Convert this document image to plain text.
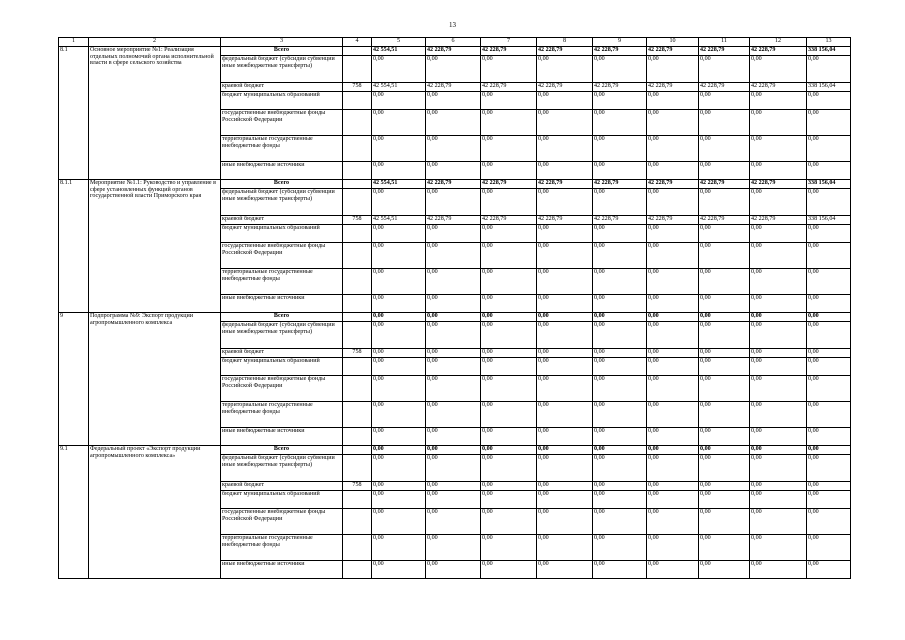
13
1	2	3	4	5	6	7	8	9	10	11	12	13
8.1	Основное мероприятие №1: Реализация отдельных полномочий органа исполнительной власти в сфере сельского хозяйства	Всего		42 554,51	42 228,79	42 228,79	42 228,79	42 228,79	42 228,79	42 228,79	42 228,79	338 156,04
		федеральный бюджет (субсидии субвенции иные межбюджетные трансферты)		0,00	0,00	0,00	0,00	0,00	0,00	0,00	0,00	0,00
		краевой бюджет	758	42 554,51	42 228,79	42 228,79	42 228,79	42 228,79	42 228,79	42 228,79	42 228,79	338 156,04
		бюджет муниципальных образований		0,00	0,00	0,00	0,00	0,00	0,00	0,00	0,00	0,00
		государственные внебюджетные фонды Российской Федерации		0,00	0,00	0,00	0,00	0,00	0,00	0,00	0,00	0,00
		территориальные государственные внебюджетные фонды		0,00	0,00	0,00	0,00	0,00	0,00	0,00	0,00	0,00
		иные внебюджетные источники		0,00	0,00	0,00	0,00	0,00	0,00	0,00	0,00	0,00
8.1.1	Мероприятие №1.1: Руководство и управление в сфере установленных функций органов государственной власти Приморского края	Всего		42 554,51	42 228,79	42 228,79	42 228,79	42 228,79	42 228,79	42 228,79	42 228,79	338 156,04
		федеральный бюджет (субсидии субвенции иные межбюджетные трансферты)		0,00	0,00	0,00	0,00	0,00	0,00	0,00	0,00	0,00
		краевой бюджет	758	42 554,51	42 228,79	42 228,79	42 228,79	42 228,79	42 228,79	42 228,79	42 228,79	338 156,04
		бюджет муниципальных образований		0,00	0,00	0,00	0,00	0,00	0,00	0,00	0,00	0,00
		государственные внебюджетные фонды Российской Федерации		0,00	0,00	0,00	0,00	0,00	0,00	0,00	0,00	0,00
		территориальные государственные внебюджетные фонды		0,00	0,00	0,00	0,00	0,00	0,00	0,00	0,00	0,00
		иные внебюджетные источники		0,00	0,00	0,00	0,00	0,00	0,00	0,00	0,00	0,00
9	Подпрограмма №9: Экспорт продукции агропромышленного комплекса	Всего		0,00	0,00	0,00	0,00	0,00	0,00	0,00	0,00	0,00
		федеральный бюджет (субсидии субвенции иные межбюджетные трансферты)		0,00	0,00	0,00	0,00	0,00	0,00	0,00	0,00	0,00
		краевой бюджет	758	0,00	0,00	0,00	0,00	0,00	0,00	0,00	0,00	0,00
		бюджет муниципальных образований		0,00	0,00	0,00	0,00	0,00	0,00	0,00	0,00	0,00
		государственные внебюджетные фонды Российской Федерации		0,00	0,00	0,00	0,00	0,00	0,00	0,00	0,00	0,00
		территориальные государственные внебюджетные фонды		0,00	0,00	0,00	0,00	0,00	0,00	0,00	0,00	0,00
		иные внебюджетные источники		0,00	0,00	0,00	0,00	0,00	0,00	0,00	0,00	0,00
9.1	Федеральный проект «Экспорт продукции агропромышленного комплекса»	Всего		0,00	0,00	0,00	0,00	0,00	0,00	0,00	0,00	0,00
		федеральный бюджет (субсидии субвенции иные межбюджетные трансферты)		0,00	0,00	0,00	0,00	0,00	0,00	0,00	0,00	0,00
		краевой бюджет	758	0,00	0,00	0,00	0,00	0,00	0,00	0,00	0,00	0,00
		бюджет муниципальных образований		0,00	0,00	0,00	0,00	0,00	0,00	0,00	0,00	0,00
		государственные внебюджетные фонды Российской Федерации		0,00	0,00	0,00	0,00	0,00	0,00	0,00	0,00	0,00
		территориальные государственные внебюджетные фонды		0,00	0,00	0,00	0,00	0,00	0,00	0,00	0,00	0,00
		иные внебюджетные источники		0,00	0,00	0,00	0,00	0,00	0,00	0,00	0,00	0,00
